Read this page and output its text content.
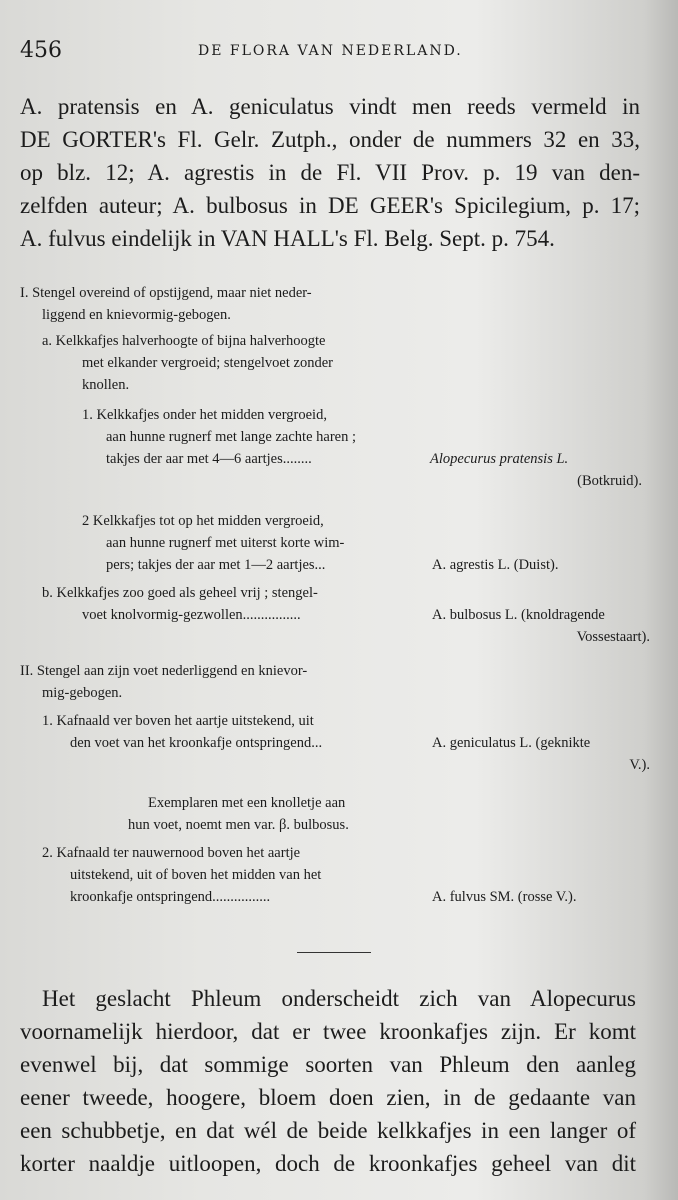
456	DE FLORA VAN NEDERLAND.
A. pratensis en A. geniculatus vindt men reeds vermeld in
DE GORTER's Fl. Gelr. Zutph., onder de nummers 32 en 33,
op blz. 12; A. agrestis in de Fl. VII Prov. p. 19 van den-
zelfden auteur; A. bulbosus in DE GEER's Spicilegium, p. 17;
A. fulvus eindelijk in VAN HALL's Fl. Belg. Sept. p. 754.
I. Stengel overeind of opstijgend, maar niet neder-
liggend en knievormig-gebogen.
a. Kelkkafjes halverhoogte of bijna halverhoogte
met elkander vergroeid; stengelvoet zonder
knollen.
1. Kelkkafjes onder het midden vergroeid,
aan hunne rugnerf met lange zachte haren ;
takjes der aar met 4—6 aartjes........	Alopecurus pratensis L.
(Botkruid).
2 Kelkkafjes tot op het midden vergroeid,
aan hunne rugnerf met uiterst korte wim-
pers; takjes der aar met 1—2 aartjes...	A. agrestis L. (Duist).
b. Kelkkafjes zoo goed als geheel vrij ; stengel-
voet knolvormig-gezwollen................	A. bulbosus L. (knoldragende
Vossestaart).
II. Stengel aan zijn voet nederliggend en knievor-
mig-gebogen.
1. Kafnaald ver boven het aartje uitstekend, uit
den voet van het kroonkafje ontspringend...	A. geniculatus L. (geknikte
V.).
Exemplaren met een knolletje aan
hun voet, noemt men var. β. bulbosus.
2. Kafnaald ter nauwernood boven het aartje
uitstekend, uit of boven het midden van het
kroonkafje ontspringend................	A. fulvus SM. (rosse V.).
Het geslacht Phleum onderscheidt zich van Alopecurus
voornamelijk hierdoor, dat er twee kroonkafjes zijn. Er komt
evenwel bij, dat sommige soorten van Phleum den aanleg
eener tweede, hoogere, bloem doen zien, in de gedaante van
een schubbetje, en dat wél de beide kelkkafjes in een langer of
korter naaldje uitloopen, doch de kroonkafjes geheel van dit
